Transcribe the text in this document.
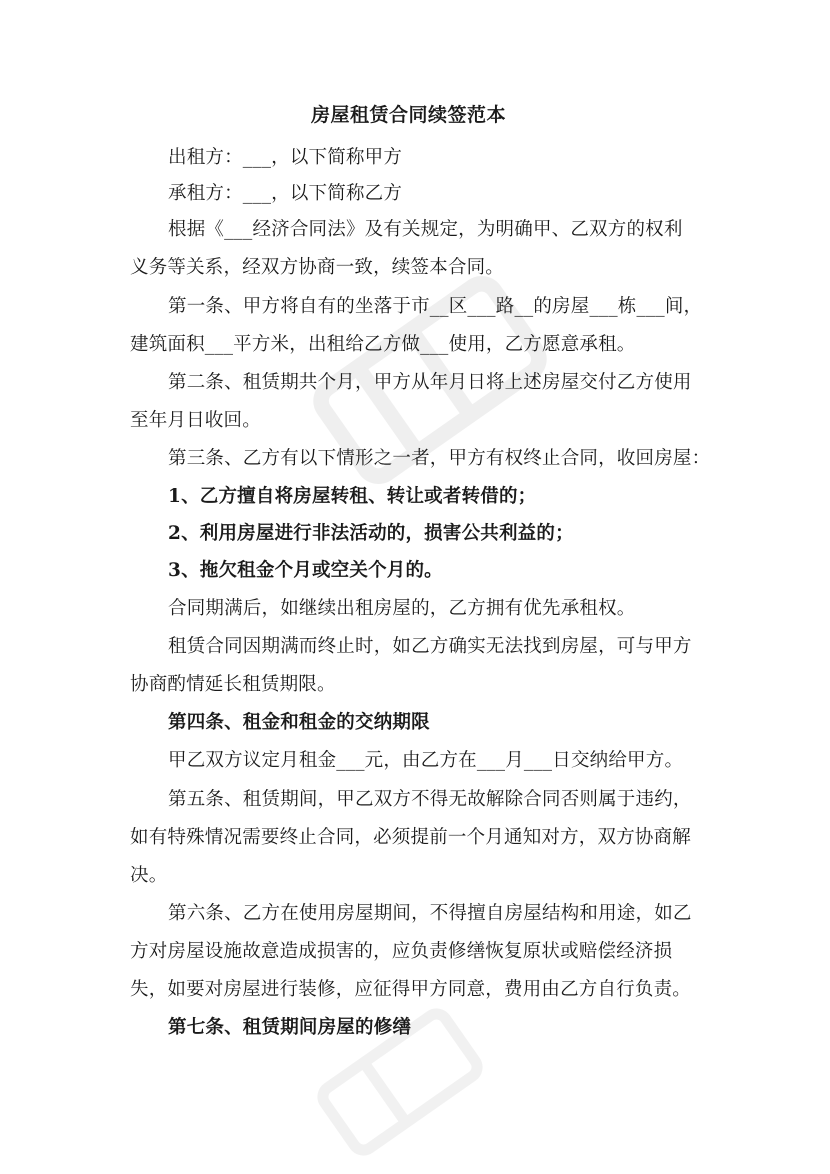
房屋租赁合同续签范本
出租方：___，以下简称甲方
承租方：___，以下简称乙方
根据《___经济合同法》及有关规定，为明确甲、乙双方的权利
义务等关系，经双方协商一致，续签本合同。
第一条、甲方将自有的坐落于市__区___路__的房屋___栋___间，
建筑面积___平方米，出租给乙方做___使用，乙方愿意承租。
第二条、租赁期共个月，甲方从年月日将上述房屋交付乙方使用
至年月日收回。
第三条、乙方有以下情形之一者，甲方有权终止合同，收回房屋：
1、乙方擅自将房屋转租、转让或者转借的；
2、利用房屋进行非法活动的，损害公共利益的；
3、拖欠租金个月或空关个月的。
合同期满后，如继续出租房屋的，乙方拥有优先承租权。
租赁合同因期满而终止时，如乙方确实无法找到房屋，可与甲方
协商酌情延长租赁期限。
第四条、租金和租金的交纳期限
甲乙双方议定月租金___元，由乙方在___月___日交纳给甲方。
第五条、租赁期间，甲乙双方不得无故解除合同否则属于违约，
如有特殊情况需要终止合同，必须提前一个月通知对方，双方协商解
决。
第六条、乙方在使用房屋期间，不得擅自房屋结构和用途，如乙
方对房屋设施故意造成损害的，应负责修缮恢复原状或赔偿经济损
失，如要对房屋进行装修，应征得甲方同意，费用由乙方自行负责。
第七条、租赁期间房屋的修缮
